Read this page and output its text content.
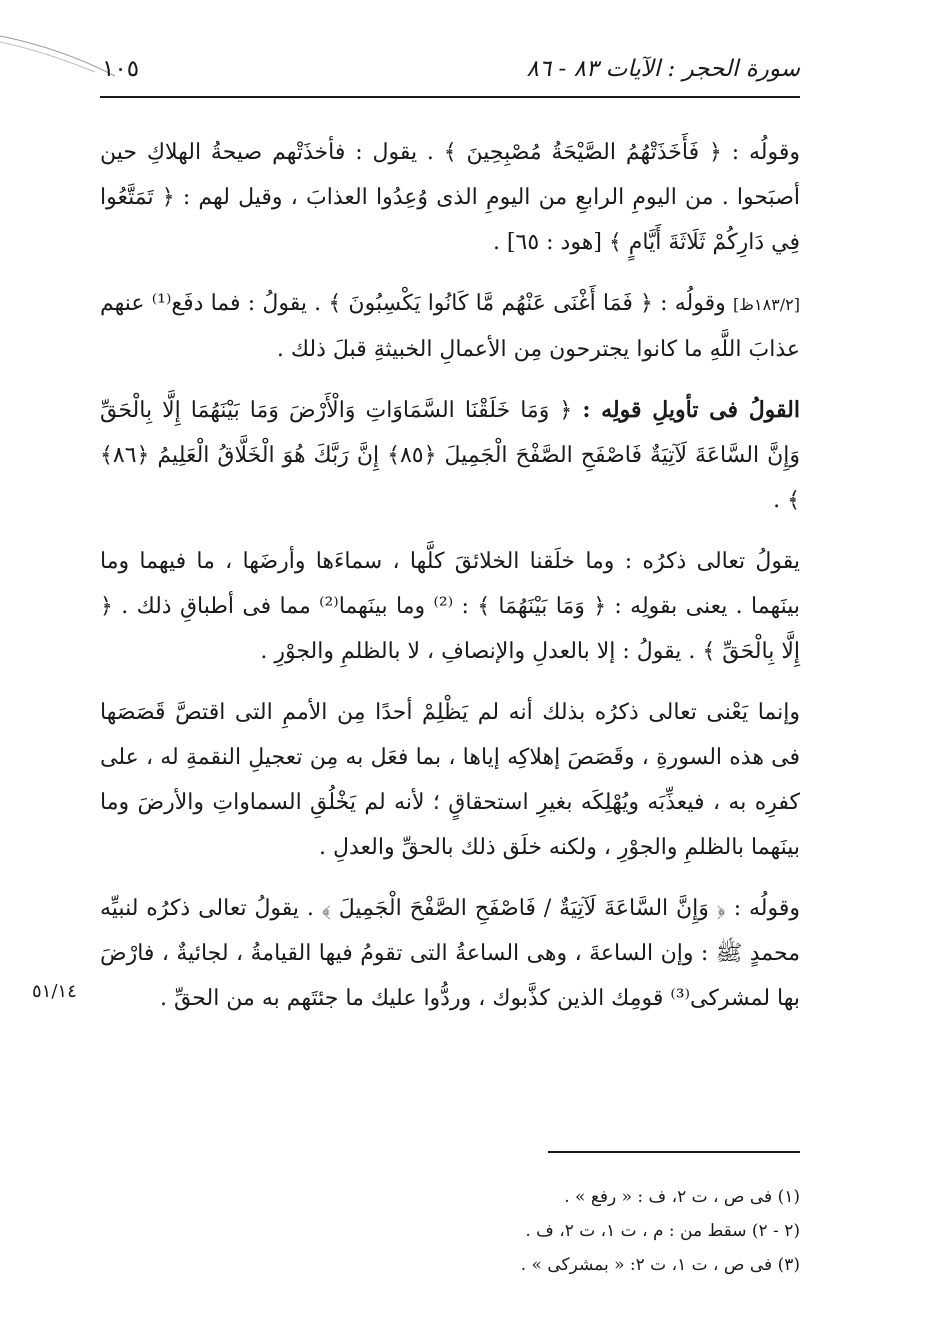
١٠٥	سورة الحجر : الآيات ٨٣ - ٨٦

وقولُه : ﴿ فَأَخَذَتْهُمُ الصَّيْحَةُ مُصْبِحِينَ ﴾ . يقول : فأخذَتْهم صيحةُ الهلاكِ حين أصبَحوا . من اليومِ الرابعِ من اليومِ الذى وُعِدُوا العذابَ ، وقيل لهم : ﴿ تَمَتَّعُوا فِي دَارِكُمْ ثَلَاثَةَ أَيَّامٍ ﴾ [هود : ٦٥] .

[١٨٣/٢ظ] وقولُه : ﴿ فَمَا أَغْنَى عَنْهُم مَّا كَانُوا يَكْسِبُونَ ﴾ . يقولُ : فما دفَع⁽¹⁾ عنهم عذابَ اللَّهِ ما كانوا يجترحون مِن الأعمالِ الخبيثةِ قبلَ ذلك .

القولُ فى تأويلِ قولِه : ﴿ وَمَا خَلَقْنَا السَّمَاوَاتِ وَالْأَرْضَ وَمَا بَيْنَهُمَا إِلَّا بِالْحَقِّ وَإِنَّ السَّاعَةَ لَآتِيَةٌ فَاصْفَحِ الصَّفْحَ الْجَمِيلَ ﴿٨٥﴾ إِنَّ رَبَّكَ هُوَ الْخَلَّاقُ الْعَلِيمُ ﴿٨٦﴾ ﴾ .

يقولُ تعالى ذكرُه : وما خلَقنا الخلائقَ كلَّها ، سماءَها وأرضَها ، ما فيهما وما بينَهما . يعنى بقولِه : ﴿ وَمَا بَيْنَهُمَا ﴾ : ⁽²⁾ وما بينَهما⁽²⁾ مما فى أطباقِ ذلك . ﴿ إِلَّا بِالْحَقِّ ﴾ . يقولُ : إلا بالعدلِ والإنصافِ ، لا بالظلمِ والجوْرِ .

وإنما يَعْنى تعالى ذكرُه بذلك أنه لم يَظْلِمْ أحدًا مِن الأممِ التى اقتصَّ قَصَصَها فى هذه السورةِ ، وقَصَصَ إهلاكِه إياها ، بما فعَل به مِن تعجيلِ النقمةِ له ، على كفرِه به ، فيعذِّبَه ويُهْلِكَه بغيرِ استحقاقٍ ؛ لأنه لم يَخْلُقِ السماواتِ والأرضَ وما بينَهما بالظلمِ والجوْرِ ، ولكنه خلَق ذلك بالحقِّ والعدلِ .

وقولُه : ﴿ وَإِنَّ السَّاعَةَ لَآتِيَةٌ / فَاصْفَحِ الصَّفْحَ الْجَمِيلَ ﴾ . يقولُ تعالى ذكرُه لنبيِّه محمدٍ ﷺ : وإن الساعةَ ، وهى الساعةُ التى تقومُ فيها القيامةُ ، لجائيةٌ ، فارْضَ بها لمشركى⁽³⁾ قومِك الذين كذَّبوك ، وردُّوا عليك ما جئتَهم به من الحقِّ .

٥١/١٤
(١) فى ص ، ت ٢، ف : « رفع » .
(٢ - ٢) سقط من : م ، ت ١، ت ٢، ف .
(٣) فى ص ، ت ١، ت ٢: « بمشركى » .
